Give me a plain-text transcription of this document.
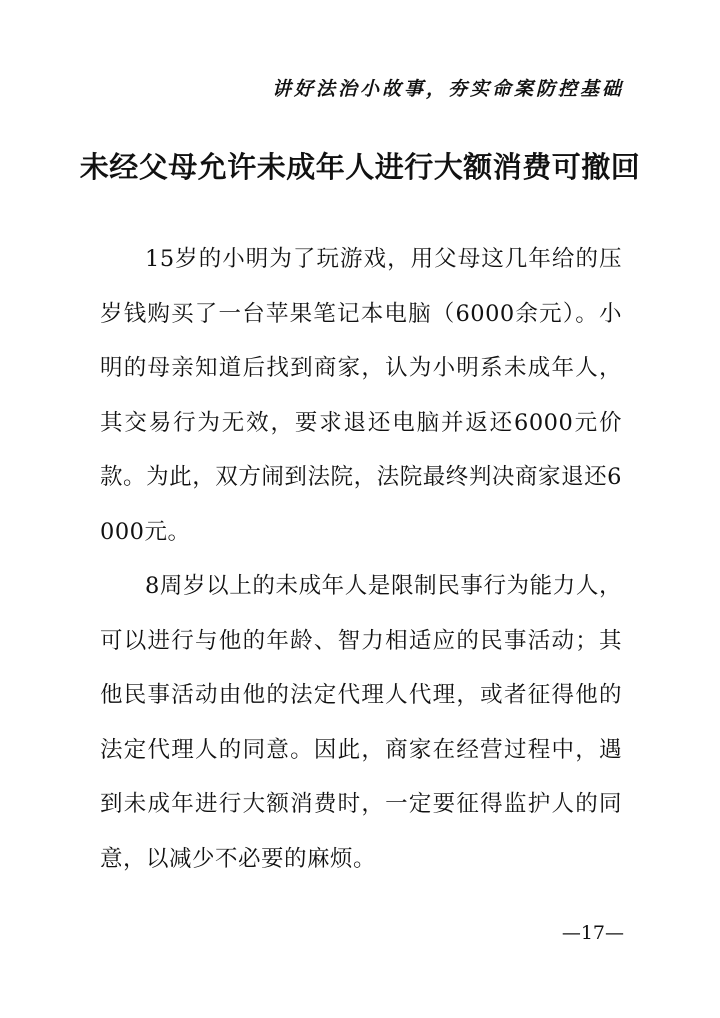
讲好法治小故事，夯实命案防控基础
未经父母允许未成年人进行大额消费可撤回

15岁的小明为了玩游戏，用父母这几年给的压岁钱购买了一台苹果笔记本电脑（6000余元）。小明的母亲知道后找到商家，认为小明系未成年人，其交易行为无效，要求退还电脑并返还6000元价款。为此，双方闹到法院，法院最终判决商家退还6000元。

8周岁以上的未成年人是限制民事行为能力人，可以进行与他的年龄、智力相适应的民事活动；其他民事活动由他的法定代理人代理，或者征得他的法定代理人的同意。因此，商家在经营过程中，遇到未成年进行大额消费时，一定要征得监护人的同意，以减少不必要的麻烦。

—17—
